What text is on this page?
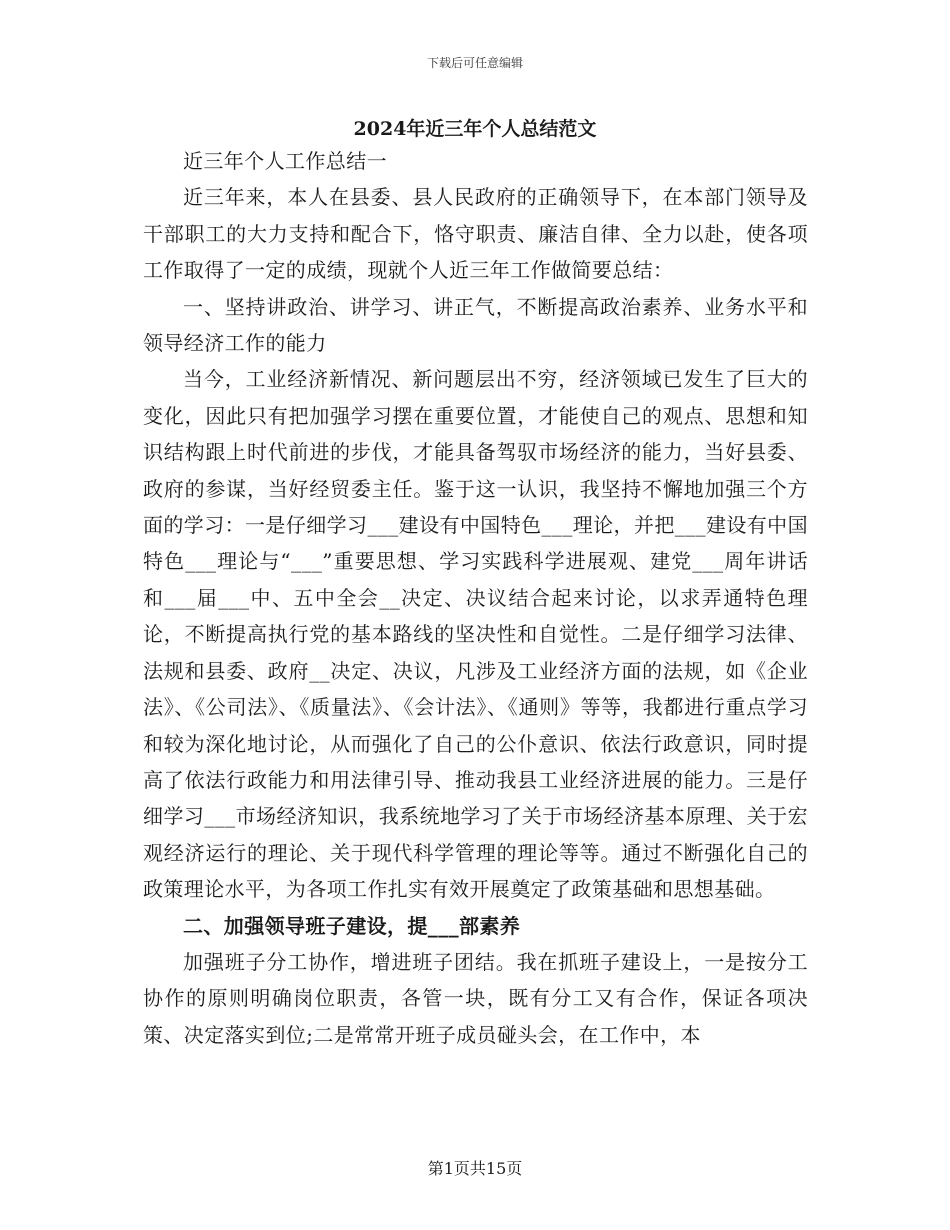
下载后可任意编辑
2024年近三年个人总结范文

近三年个人工作总结一

近三年来，本人在县委、县人民政府的正确领导下，在本部门领导及干部职工的大力支持和配合下，恪守职责、廉洁自律、全力以赴，使各项工作取得了一定的成绩，现就个人近三年工作做简要总结：

一、坚持讲政治、讲学习、讲正气，不断提高政治素养、业务水平和领导经济工作的能力

当今，工业经济新情况、新问题层出不穷，经济领域已发生了巨大的变化，因此只有把加强学习摆在重要位置，才能使自己的观点、思想和知识结构跟上时代前进的步伐，才能具备驾驭市场经济的能力，当好县委、政府的参谋，当好经贸委主任。鉴于这一认识，我坚持不懈地加强三个方面的学习：一是仔细学习___建设有中国特色___理论，并把___建设有中国特色___理论与“___”重要思想、学习实践科学进展观、建党___周年讲话和___届___中、五中全会__决定、决议结合起来讨论，以求弄通特色理论，不断提高执行党的基本路线的坚决性和自觉性。二是仔细学习法律、法规和县委、政府__决定、决议，凡涉及工业经济方面的法规，如《企业法》、《公司法》、《质量法》、《会计法》、《通则》等等，我都进行重点学习和较为深化地讨论，从而强化了自己的公仆意识、依法行政意识，同时提高了依法行政能力和用法律引导、推动我县工业经济进展的能力。三是仔细学习___市场经济知识，我系统地学习了关于市场经济基本原理、关于宏观经济运行的理论、关于现代科学管理的理论等等。通过不断强化自己的政策理论水平，为各项工作扎实有效开展奠定了政策基础和思想基础。

二、加强领导班子建设，提___部素养

加强班子分工协作，增进班子团结。我在抓班子建设上，一是按分工协作的原则明确岗位职责，各管一块，既有分工又有合作，保证各项决策、决定落实到位;二是常常开班子成员碰头会，在工作中，本

第1页共15页
